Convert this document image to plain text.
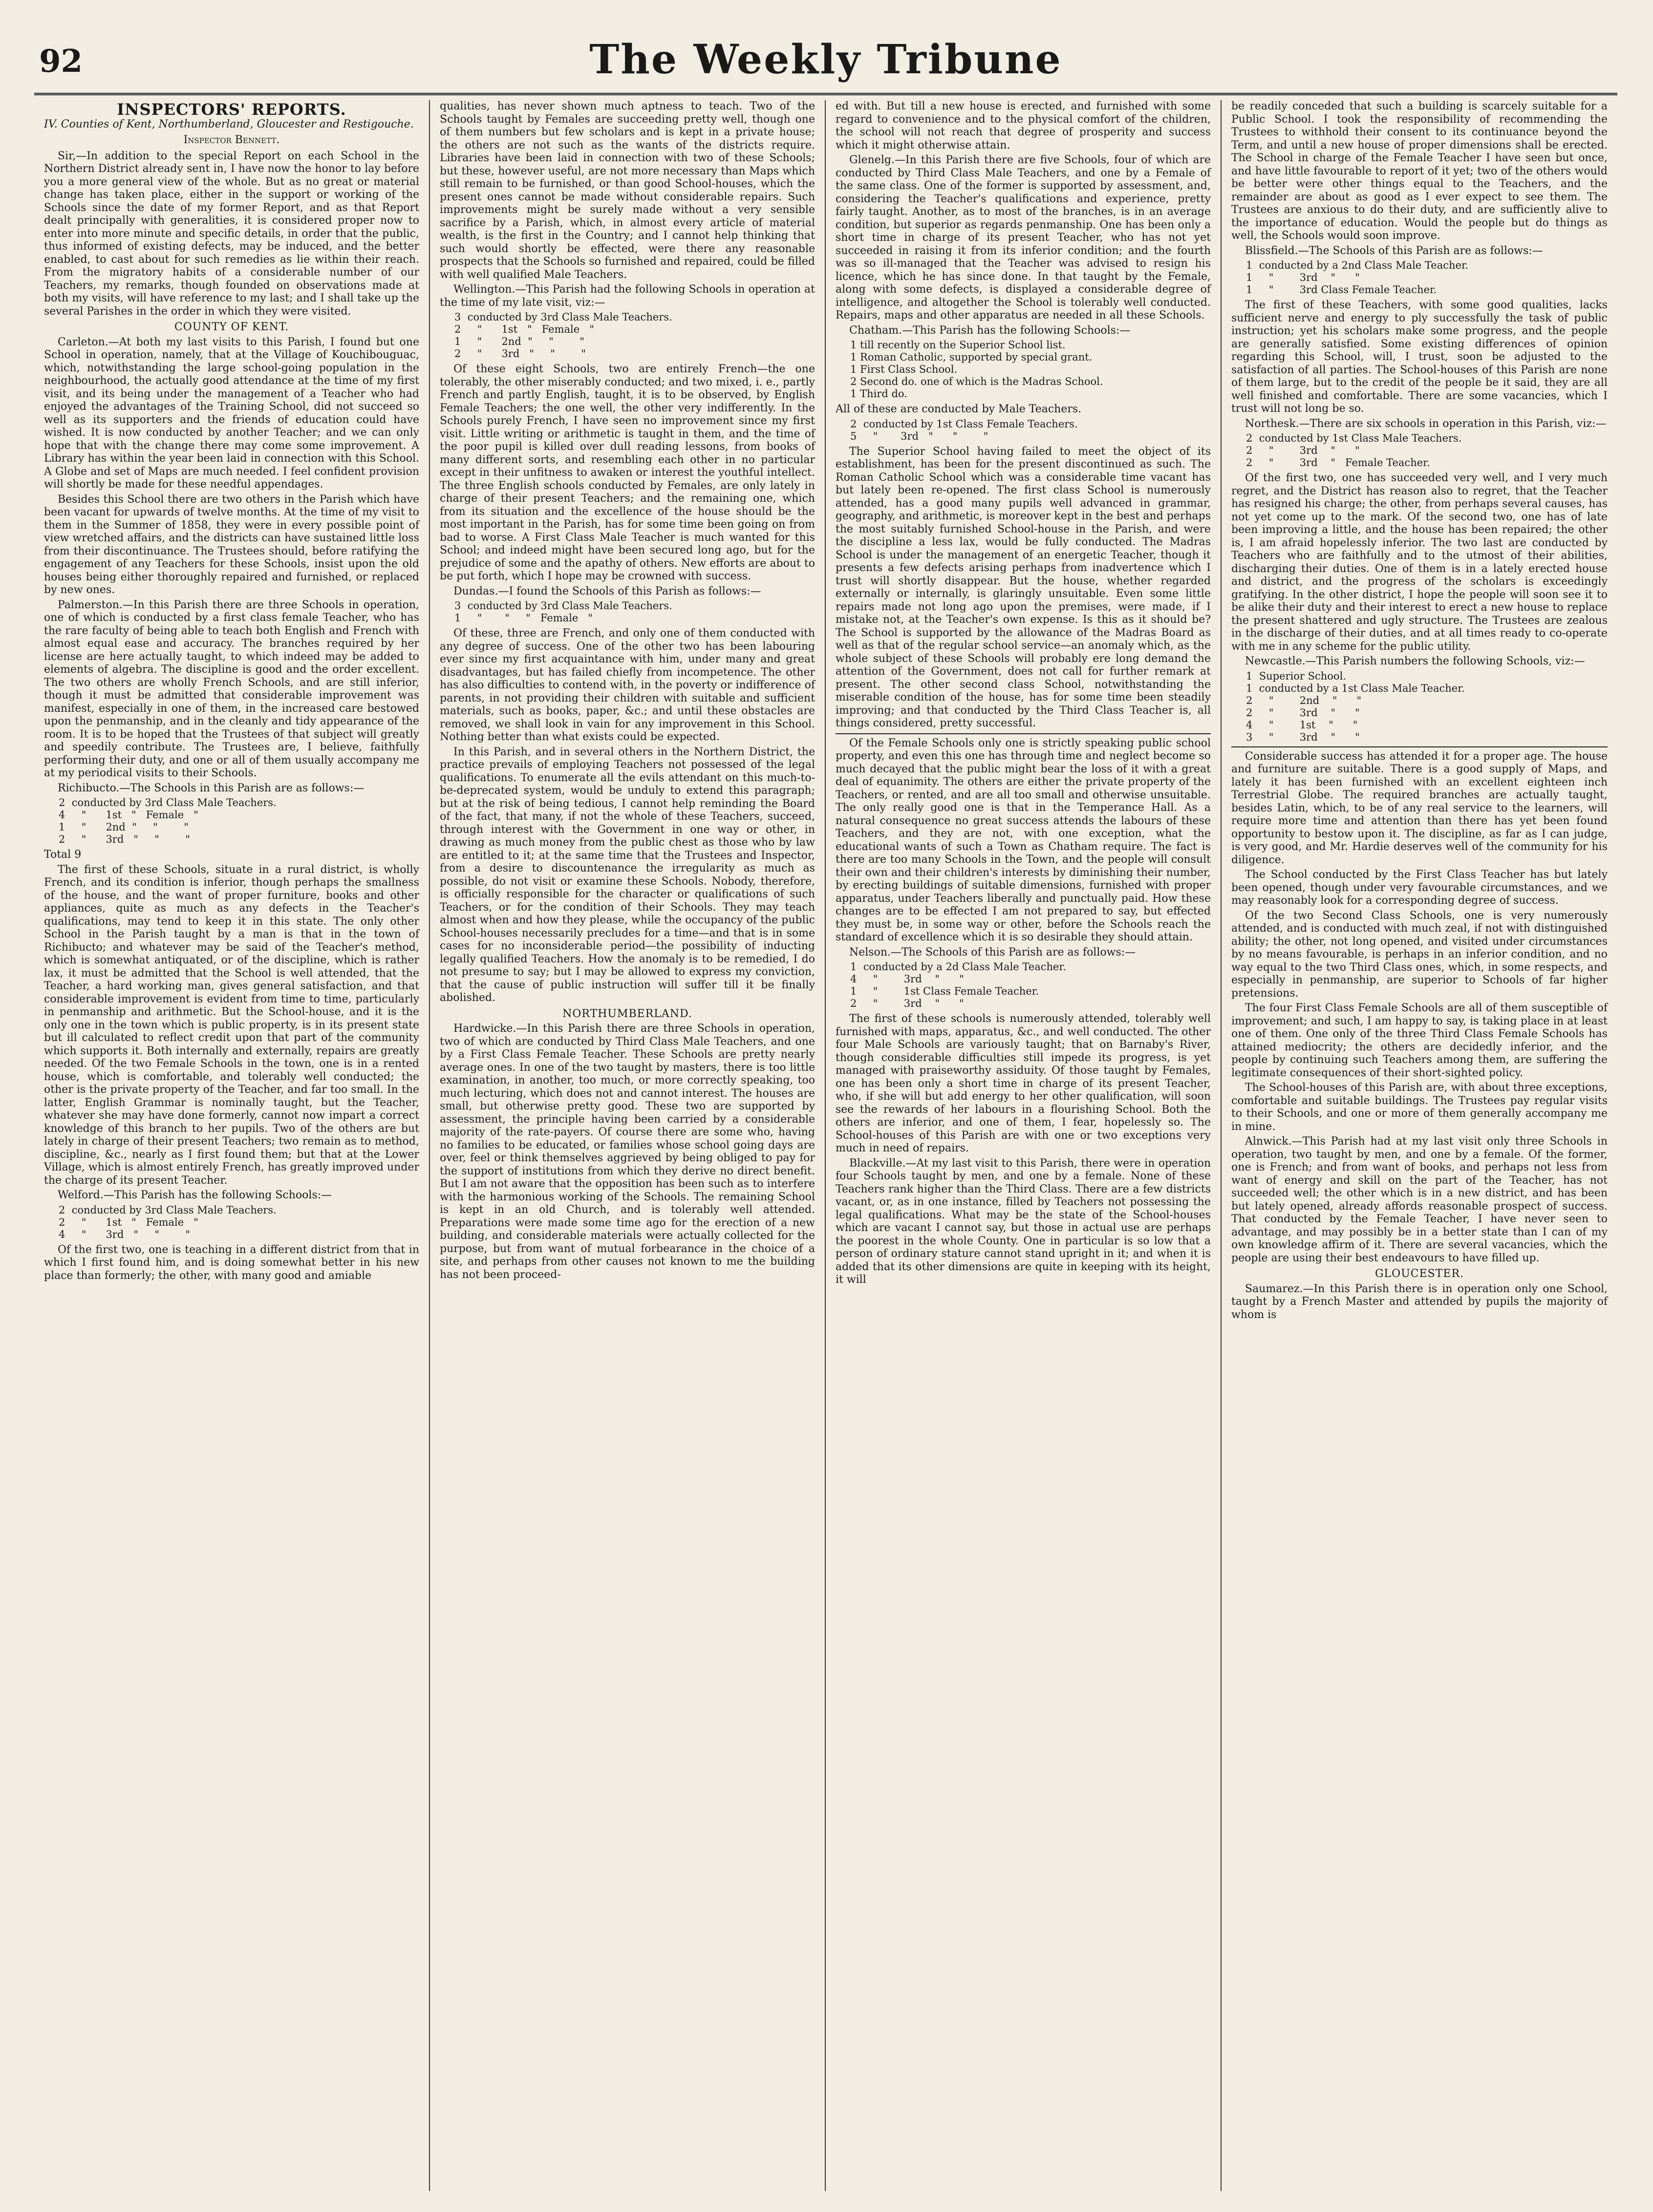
92	The Weekly Tribune
INSPECTORS' REPORTS.

IV. Counties of Kent, Northumberland, Gloucester and Restigouche.

Inspector Bennett.

Sir,—In addition to the special Report on each School in the Northern District already sent in, I have now the honor to lay before you a more general view of the whole. But as no great or material change has taken place, either in the support or working of the Schools since the date of my former Report, and as that Report dealt principally with generalities, it is considered proper now to enter into more minute and specific details, in order that the public, thus informed of existing defects, may be induced, and the better enabled, to cast about for such remedies as lie within their reach. From the migratory habits of a considerable number of our Teachers, my remarks, though founded on observations made at both my visits, will have reference to my last; and I shall take up the several Parishes in the order in which they were visited.

COUNTY OF KENT.

Carleton.—At both my last visits to this Parish, I found but one School in operation, namely, that at the Village of Kouchibouguac, which, notwithstanding the large school-going population in the neighbourhood, the actually good attendance at the time of my first visit, and its being under the management of a Teacher who had enjoyed the advantages of the Training School, did not succeed so well as its supporters and the friends of education could have wished. It is now conducted by another Teacher; and we can only hope that with the change there may come some improvement. A Library has within the year been laid in connection with this School. A Globe and set of Maps are much needed. I feel confident provision will shortly be made for these needful appendages.

Besides this School there are two others in the Parish which have been vacant for upwards of twelve months. At the time of my visit to them in the Summer of 1858, they were in every possible point of view wretched affairs, and the districts can have sustained little loss from their discontinuance. The Trustees should, before ratifying the engagement of any Teachers for these Schools, insist upon the old houses being either thoroughly repaired and furnished, or replaced by new ones.

Palmerston.—In this Parish there are three Schools in operation, one of which is conducted by a first class female Teacher, who has the rare faculty of being able to teach both English and French with almost equal ease and accuracy. The branches required by her license are here actually taught, to which indeed may be added to elements of algebra. The discipline is good and the order excellent. The two others are wholly French Schools, and are still inferior, though it must be admitted that considerable improvement was manifest, especially in one of them, in the increased care bestowed upon the penmanship, and in the cleanly and tidy appearance of the room. It is to be hoped that the Trustees of that subject will greatly and speedily contribute. The Trustees are, I believe, faithfully performing their duty, and one or all of them usually accompany me at my periodical visits to their Schools.

Richibucto.—The Schools in this Parish are as follows:—

2  conducted by 3rd Class Male Teachers.
4     "      1st   "   Female   "
1     "      2nd  "     "        "
2     "      3rd   "     "        "

Total 9

The first of these Schools, situate in a rural district, is wholly French, and its condition is inferior, though perhaps the smallness of the house, and the want of proper furniture, books and other appliances, quite as much as any defects in the Teacher's qualifications, may tend to keep it in this state. The only other School in the Parish taught by a man is that in the town of Richibucto; and whatever may be said of the Teacher's method, which is somewhat antiquated, or of the discipline, which is rather lax, it must be admitted that the School is well attended, that the Teacher, a hard working man, gives general satisfaction, and that considerable improvement is evident from time to time, particularly in penmanship and arithmetic. But the School-house, and it is the only one in the town which is public property, is in its present state but ill calculated to reflect credit upon that part of the community which supports it. Both internally and externally, repairs are greatly needed. Of the two Female Schools in the town, one is in a rented house, which is comfortable, and tolerably well conducted; the other is the private property of the Teacher, and far too small. In the latter, English Grammar is nominally taught, but the Teacher, whatever she may have done formerly, cannot now impart a correct knowledge of this branch to her pupils. Two of the others are but lately in charge of their present Teachers; two remain as to method, discipline, &c., nearly as I first found them; but that at the Lower Village, which is almost entirely French, has greatly improved under the charge of its present Teacher.

Welford.—This Parish has the following Schools:—

2  conducted by 3rd Class Male Teachers.
2     "      1st   "   Female   "
4     "      3rd   "     "        "

Of the first two, one is teaching in a different district from that in which I first found him, and is doing somewhat better in his new place than formerly; the other, with many good and amiable

qualities, has never shown much aptness to teach. Two of the Schools taught by Females are succeeding pretty well, though one of them numbers but few scholars and is kept in a private house; the others are not such as the wants of the districts require. Libraries have been laid in connection with two of these Schools; but these, however useful, are not more necessary than Maps which still remain to be furnished, or than good School-houses, which the present ones cannot be made without considerable repairs. Such improvements might be surely made without a very sensible sacrifice by a Parish, which, in almost every article of material wealth, is the first in the Country; and I cannot help thinking that such would shortly be effected, were there any reasonable prospects that the Schools so furnished and repaired, could be filled with well qualified Male Teachers.

Wellington.—This Parish had the following Schools in operation at the time of my late visit, viz:—

3  conducted by 3rd Class Male Teachers.
2     "      1st   "   Female   "
1     "      2nd  "     "        "
2     "      3rd   "     "        "

Of these eight Schools, two are entirely French—the one tolerably, the other miserably conducted; and two mixed, i. e., partly French and partly English, taught, it is to be observed, by English Female Teachers; the one well, the other very indifferently. In the Schools purely French, I have seen no improvement since my first visit. Little writing or arithmetic is taught in them, and the time of the poor pupil is killed over dull reading lessons, from books of many different sorts, and resembling each other in no particular except in their unfitness to awaken or interest the youthful intellect. The three English schools conducted by Females, are only lately in charge of their present Teachers; and the remaining one, which from its situation and the excellence of the house should be the most important in the Parish, has for some time been going on from bad to worse. A First Class Male Teacher is much wanted for this School; and indeed might have been secured long ago, but for the prejudice of some and the apathy of others. New efforts are about to be put forth, which I hope may be crowned with success.

Dundas.—I found the Schools of this Parish as follows:—

3  conducted by 3rd Class Male Teachers.
1     "       "     "   Female   "

Of these, three are French, and only one of them conducted with any degree of success. One of the other two has been labouring ever since my first acquaintance with him, under many and great disadvantages, but has failed chiefly from incompetence. The other has also difficulties to contend with, in the poverty or indifference of parents, in not providing their children with suitable and sufficient materials, such as books, paper, &c.; and until these obstacles are removed, we shall look in vain for any improvement in this School. Nothing better than what exists could be expected.

In this Parish, and in several others in the Northern District, the practice prevails of employing Teachers not possessed of the legal qualifications. To enumerate all the evils attendant on this much-to-be-deprecated system, would be unduly to extend this paragraph; but at the risk of being tedious, I cannot help reminding the Board of the fact, that many, if not the whole of these Teachers, succeed, through interest with the Government in one way or other, in drawing as much money from the public chest as those who by law are entitled to it; at the same time that the Trustees and Inspector, from a desire to discountenance the irregularity as much as possible, do not visit or examine these Schools. Nobody, therefore, is officially responsible for the character or qualifications of such Teachers, or for the condition of their Schools. They may teach almost when and how they please, while the occupancy of the public School-houses necessarily precludes for a time—and that is in some cases for no inconsiderable period—the possibility of inducting legally qualified Teachers. How the anomaly is to be remedied, I do not presume to say; but I may be allowed to express my conviction, that the cause of public instruction will suffer till it be finally abolished.

NORTHUMBERLAND.

Hardwicke.—In this Parish there are three Schools in operation, two of which are conducted by Third Class Male Teachers, and one by a First Class Female Teacher. These Schools are pretty nearly average ones. In one of the two taught by masters, there is too little examination, in another, too much, or more correctly speaking, too much lecturing, which does not and cannot interest. The houses are small, but otherwise pretty good. These two are supported by assessment, the principle having been carried by a considerable majority of the rate-payers. Of course there are some who, having no families to be educated, or families whose school going days are over, feel or think themselves aggrieved by being obliged to pay for the support of institutions from which they derive no direct benefit. But I am not aware that the opposition has been such as to interfere with the harmonious working of the Schools. The remaining School is kept in an old Church, and is tolerably well attended. Preparations were made some time ago for the erection of a new building, and considerable materials were actually collected for the purpose, but from want of mutual forbearance in the choice of a site, and perhaps from other causes not known to me the building has not been proceed-

ed with. But till a new house is erected, and furnished with some regard to convenience and to the physical comfort of the children, the school will not reach that degree of prosperity and success which it might otherwise attain.

Glenelg.—In this Parish there are five Schools, four of which are conducted by Third Class Male Teachers, and one by a Female of the same class. One of the former is supported by assessment, and, considering the Teacher's qualifications and experience, pretty fairly taught. Another, as to most of the branches, is in an average condition, but superior as regards penmanship. One has been only a short time in charge of its present Teacher, who has not yet succeeded in raising it from its inferior condition; and the fourth was so ill-managed that the Teacher was advised to resign his licence, which he has since done. In that taught by the Female, along with some defects, is displayed a considerable degree of intelligence, and altogether the School is tolerably well conducted. Repairs, maps and other apparatus are needed in all these Schools.

Chatham.—This Parish has the following Schools:—

1 till recently on the Superior School list.
1 Roman Catholic, supported by special grant.
1 First Class School.
2 Second do. one of which is the Madras School.
1 Third do.

All of these are conducted by Male Teachers.

2  conducted by 1st Class Female Teachers.
5     "       3rd   "      "        "

The Superior School having failed to meet the object of its establishment, has been for the present discontinued as such. The Roman Catholic School which was a considerable time vacant has but lately been re-opened. The first class School is numerously attended, has a good many pupils well advanced in grammar, geography, and arithmetic, is moreover kept in the best and perhaps the most suitably furnished School-house in the Parish, and were the discipline a less lax, would be fully conducted. The Madras School is under the management of an energetic Teacher, though it presents a few defects arising perhaps from inadvertence which I trust will shortly disappear. But the house, whether regarded externally or internally, is glaringly unsuitable. Even some little repairs made not long ago upon the premises, were made, if I mistake not, at the Teacher's own expense. Is this as it should be? The School is supported by the allowance of the Madras Board as well as that of the regular school service—an anomaly which, as the whole subject of these Schools will probably ere long demand the attention of the Government, does not call for further remark at present. The other second class School, notwithstanding the miserable condition of the house, has for some time been steadily improving; and that conducted by the Third Class Teacher is, all things considered, pretty successful.

Of the Female Schools only one is strictly speaking public school property, and even this one has through time and neglect become so much decayed that the public might bear the loss of it with a great deal of equanimity. The others are either the private property of the Teachers, or rented, and are all too small and otherwise unsuitable. The only really good one is that in the Temperance Hall. As a natural consequence no great success attends the labours of these Teachers, and they are not, with one exception, what the educational wants of such a Town as Chatham require. The fact is there are too many Schools in the Town, and the people will consult their own and their children's interests by diminishing their number, by erecting buildings of suitable dimensions, furnished with proper apparatus, under Teachers liberally and punctually paid. How these changes are to be effected I am not prepared to say, but effected they must be, in some way or other, before the Schools reach the standard of excellence which it is so desirable they should attain.

Nelson.—The Schools of this Parish are as follows:—

1  conducted by a 2d Class Male Teacher.
4     "        3rd    "      "
1     "        1st Class Female Teacher.
2     "        3rd    "      "

The first of these schools is numerously attended, tolerably well furnished with maps, apparatus, &c., and well conducted. The other four Male Schools are variously taught; that on Barnaby's River, though considerable difficulties still impede its progress, is yet managed with praiseworthy assiduity. Of those taught by Females, one has been only a short time in charge of its present Teacher, who, if she will but add energy to her other qualification, will soon see the rewards of her labours in a flourishing School. Both the others are inferior, and one of them, I fear, hopelessly so. The School-houses of this Parish are with one or two exceptions very much in need of repairs.

Blackville.—At my last visit to this Parish, there were in operation four Schools taught by men, and one by a female. None of these Teachers rank higher than the Third Class. There are a few districts vacant, or, as in one instance, filled by Teachers not possessing the legal qualifications. What may be the state of the School-houses which are vacant I cannot say, but those in actual use are perhaps the poorest in the whole County. One in particular is so low that a person of ordinary stature cannot stand upright in it; and when it is added that its other dimensions are quite in keeping with its height, it will

be readily conceded that such a building is scarcely suitable for a Public School. I took the responsibility of recommending the Trustees to withhold their consent to its continuance beyond the Term, and until a new house of proper dimensions shall be erected. The School in charge of the Female Teacher I have seen but once, and have little favourable to report of it yet; two of the others would be better were other things equal to the Teachers, and the remainder are about as good as I ever expect to see them. The Trustees are anxious to do their duty, and are sufficiently alive to the importance of education. Would the people but do things as well, the Schools would soon improve.

Blissfield.—The Schools of this Parish are as follows:—

1  conducted by a 2nd Class Male Teacher.
1     "        3rd    "      "
1     "        3rd Class Female Teacher.

The first of these Teachers, with some good qualities, lacks sufficient nerve and energy to ply successfully the task of public instruction; yet his scholars make some progress, and the people are generally satisfied. Some existing differences of opinion regarding this School, will, I trust, soon be adjusted to the satisfaction of all parties. The School-houses of this Parish are none of them large, but to the credit of the people be it said, they are all well finished and comfortable. There are some vacancies, which I trust will not long be so.

Northesk.—There are six schools in operation in this Parish, viz:—

2  conducted by 1st Class Male Teachers.
2     "        3rd    "      "
2     "        3rd    "   Female Teacher.

Of the first two, one has succeeded very well, and I very much regret, and the District has reason also to regret, that the Teacher has resigned his charge; the other, from perhaps several causes, has not yet come up to the mark. Of the second two, one has of late been improving a little, and the house has been repaired; the other is, I am afraid hopelessly inferior. The two last are conducted by Teachers who are faithfully and to the utmost of their abilities, discharging their duties. One of them is in a lately erected house and district, and the progress of the scholars is exceedingly gratifying. In the other district, I hope the people will soon see it to be alike their duty and their interest to erect a new house to replace the present shattered and ugly structure. The Trustees are zealous in the discharge of their duties, and at all times ready to co-operate with me in any scheme for the public utility.

Newcastle.—This Parish numbers the following Schools, viz:—

1  Superior School.
1  conducted by a 1st Class Male Teacher.
2     "        2nd    "      "
2     "        3rd    "      "
4     "        1st    "      "
3     "        3rd    "      "

Considerable success has attended it for a proper age. The house and furniture are suitable. There is a good supply of Maps, and lately it has been furnished with an excellent eighteen inch Terrestrial Globe. The required branches are actually taught, besides Latin, which, to be of any real service to the learners, will require more time and attention than there has yet been found opportunity to bestow upon it. The discipline, as far as I can judge, is very good, and Mr. Hardie deserves well of the community for his diligence.

The School conducted by the First Class Teacher has but lately been opened, though under very favourable circumstances, and we may reasonably look for a corresponding degree of success.

Of the two Second Class Schools, one is very numerously attended, and is conducted with much zeal, if not with distinguished ability; the other, not long opened, and visited under circumstances by no means favourable, is perhaps in an inferior condition, and no way equal to the two Third Class ones, which, in some respects, and especially in penmanship, are superior to Schools of far higher pretensions.

The four First Class Female Schools are all of them susceptible of improvement; and such, I am happy to say, is taking place in at least one of them. One only of the three Third Class Female Schools has attained mediocrity; the others are decidedly inferior, and the people by continuing such Teachers among them, are suffering the legitimate consequences of their short-sighted policy.

The School-houses of this Parish are, with about three exceptions, comfortable and suitable buildings. The Trustees pay regular visits to their Schools, and one or more of them generally accompany me in mine.

Alnwick.—This Parish had at my last visit only three Schools in operation, two taught by men, and one by a female. Of the former, one is French; and from want of books, and perhaps not less from want of energy and skill on the part of the Teacher, has not succeeded well; the other which is in a new district, and has been but lately opened, already affords reasonable prospect of success. That conducted by the Female Teacher, I have never seen to advantage, and may possibly be in a better state than I can of my own knowledge affirm of it. There are several vacancies, which the people are using their best endeavours to have filled up.

GLOUCESTER.

Saumarez.—In this Parish there is in operation only one School, taught by a French Master and attended by pupils the majority of whom is
